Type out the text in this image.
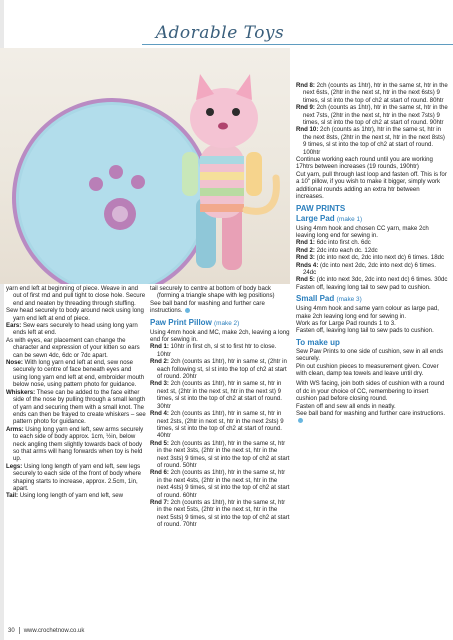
Adorable Toys

yarn end left at beginning of piece. Weave in and out of first rnd and pull tight to close hole. Secure end and neaten by threading through stuffing.

Sew head securely to body around neck using long yarn end left at end of piece.

Ears: Sew ears securely to head using long yarn ends left at end.

As with eyes, ear placement can change the character and expression of your kitten so ears can be sewn 4dc, 6dc or 7dc apart.

Nose: With long yarn end left at end, sew nose securely to centre of face beneath eyes and using long yarn end left at end, embroider mouth below nose, using pattern photo for guidance.

Whiskers: These can be added to the face either side of the nose by pulling through a small length of yarn and securing them with a small knot. The ends can then be frayed to create whiskers – see pattern photo for guidance.

Arms: Using long yarn end left, sew arms securely to each side of body approx. 1cm, ½in, below neck angling them slightly towards back of body so that arms will hang forwards when toy is held up.

Legs: Using long length of yarn end left, sew legs securely to each side of the front of body where shaping starts to increase, approx. 2.5cm, 1in, apart.

Tail: Using long length of yarn end left, sew

tail securely to centre at bottom of body back (forming a triangle shape with leg positions)

See ball band for washing and further care instructions.

Paw Print Pillow (make 2)

Using 4mm hook and MC, make 2ch, leaving a long end for sewing in.

Rnd 1: 10htr in first ch, sl st to first htr to close. 10htr

Rnd 2: 2ch (counts as 1htr), htr in same st, (2htr in each following st, sl st into the top of ch2 at start of round. 20htr

Rnd 3: 2ch (counts as 1htr), htr in same st, htr in next st, (2htr in the next st, htr in the next st) 9 times, sl st into the top of ch2 at start of round. 30htr

Rnd 4: 2ch (counts as 1htr), htr in same st, htr in next 2sts, (2htr in next st, htr in the next 2sts) 9 times, sl st into the top of ch2 at start of round. 40htr

Rnd 5: 2ch (counts as 1htr), htr in the same st, htr in the next 3sts, (2htr in the next st, htr in the next 3sts) 9 times, sl st into the top of ch2 at start of round. 50htr

Rnd 6: 2ch (counts as 1htr), htr in the same st, htr in the next 4sts, (2htr in the next st, htr in the next 4sts) 9 times, sl st into the top of ch2 at start of round. 60htr

Rnd 7: 2ch (counts as 1htr), htr in the same st, htr in the next 5sts, (2htr in the next st, htr in the next 5sts) 9 times, sl st into the top of ch2 at start of round. 70htr

Rnd 8: 2ch (counts as 1htr), htr in the same st, htr in the next 6sts, (2htr in the next st, htr in the next 6sts) 9 times, sl st into the top of ch2 at start of round. 80htr

Rnd 9: 2ch (counts as 1htr), htr in the same st, htr in the next 7sts, (2htr in the next st, htr in the next 7sts) 9 times, sl st into the top of ch2 at start of round. 90htr

Rnd 10: 2ch (counts as 1htr), htr in the same st, htr in the next 8sts, (2htr in the next st, htr in the next 8sts) 9 times, sl st into the top of ch2 at start of round. 100htr

Continue working each round until you are working 17htrs between increases (19 rounds, 190htr)

Cut yarn, pull through last loop and fasten off. This is for a 10" pillow, if you wish to make it bigger, simply work additional rounds adding an extra htr between increases.

PAW PRINTS

Large Pad (make 1)

Using 4mm hook and chosen CC yarn, make 2ch leaving long end for sewing in.

Rnd 1: 6dc into first ch. 6dc

Rnd 2: 2dc into each dc. 12dc

Rnd 3: (dc into next dc, 2dc into next dc) 6 times. 18dc

Rnds 4: (dc into next 2dc, 2dc into next dc) 6 times. 24dc

Rnd 5: (dc into next 3dc, 2dc into next dc) 6 times. 30dc

Fasten off, leaving long tail to sew pad to cushion.

Small Pad (make 3)

Using 4mm hook and same yarn colour as large pad, make 2ch leaving long end for sewing in.

Work as for Large Pad rounds 1 to 3.

Fasten off, leaving long tail to sew pads to cushion.

To make up

Sew Paw Prints to one side of cushion, sew in all ends securely.

Pin out cushion pieces to measurement given. Cover with clean, damp tea towels and leave until dry.

With WS facing, join both sides of cushion with a round of dc in your choice of CC, remembering to insert cushion pad before closing round.

Fasten off and sew all ends in neatly.

See ball band for washing and further care instructions.

30 www.crochetnow.co.uk
